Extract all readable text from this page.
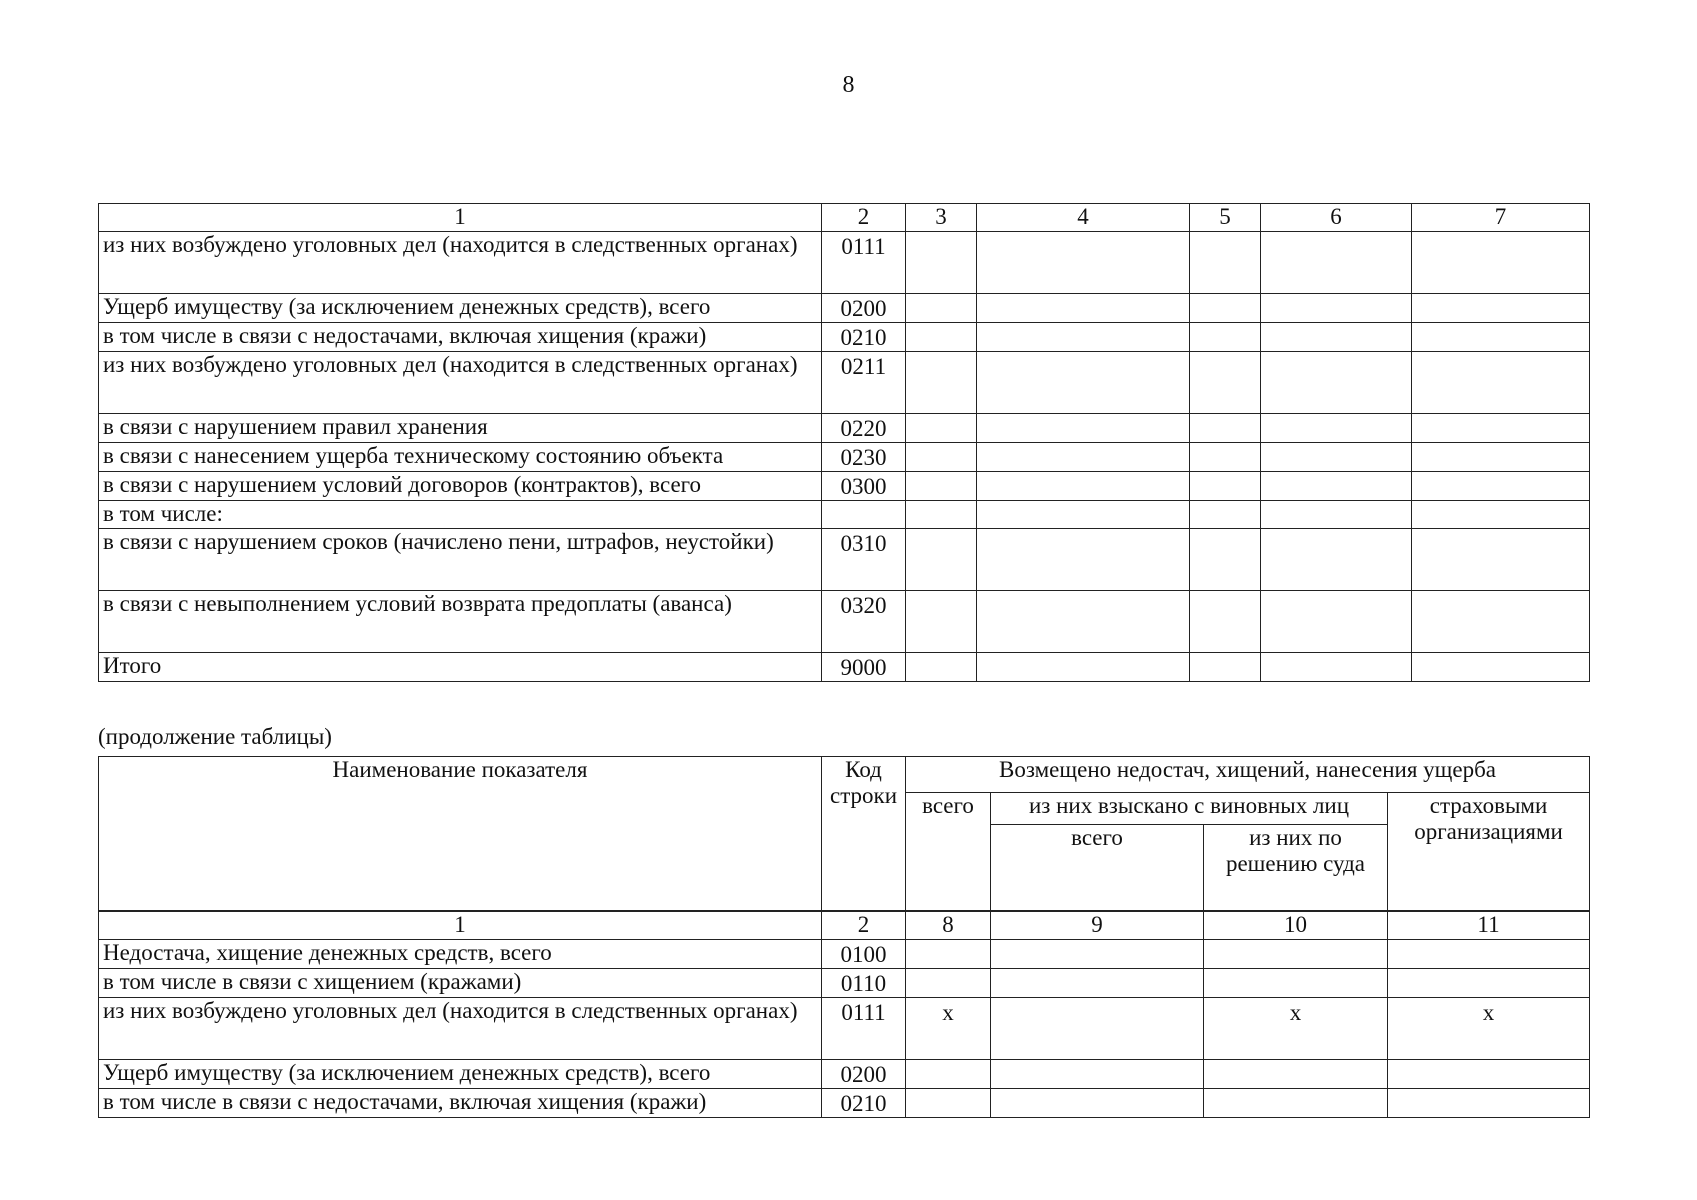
8
1	2	3	4	5	6	7
из них возбуждено уголовных дел (находится в следственных органах)	0111					
Ущерб имуществу (за исключением денежных средств), всего	0200					
в том числе в связи с недостачами, включая хищения (кражи)	0210					
из них возбуждено уголовных дел (находится в следственных органах)	0211					
в связи с нарушением правил хранения	0220					
в связи с нанесением ущерба техническому состоянию объекта	0230					
в связи с нарушением условий договоров (контрактов), всего	0300					
в том числе:						
в связи с нарушением сроков (начислено пени, штрафов, неустойки)	0310					
в связи с невыполнением условий возврата предоплаты (аванса)	0320					
Итого	9000					
(продолжение таблицы)
Наименование показателя	Код строки	Возмещено недостач, хищений, нанесения ущерба			
		всего	из них взыскано с виновных лиц		страховыми организациями
			всего	из них по решению суда	
1	2	8	9	10	11
Недостача, хищение денежных средств, всего	0100				
в том числе в связи с хищением (кражами)	0110				
из них возбуждено уголовных дел (находится в следственных органах)	0111	x		x	x
Ущерб имуществу (за исключением денежных средств), всего	0200				
в том числе в связи с недостачами, включая хищения (кражи)	0210				
